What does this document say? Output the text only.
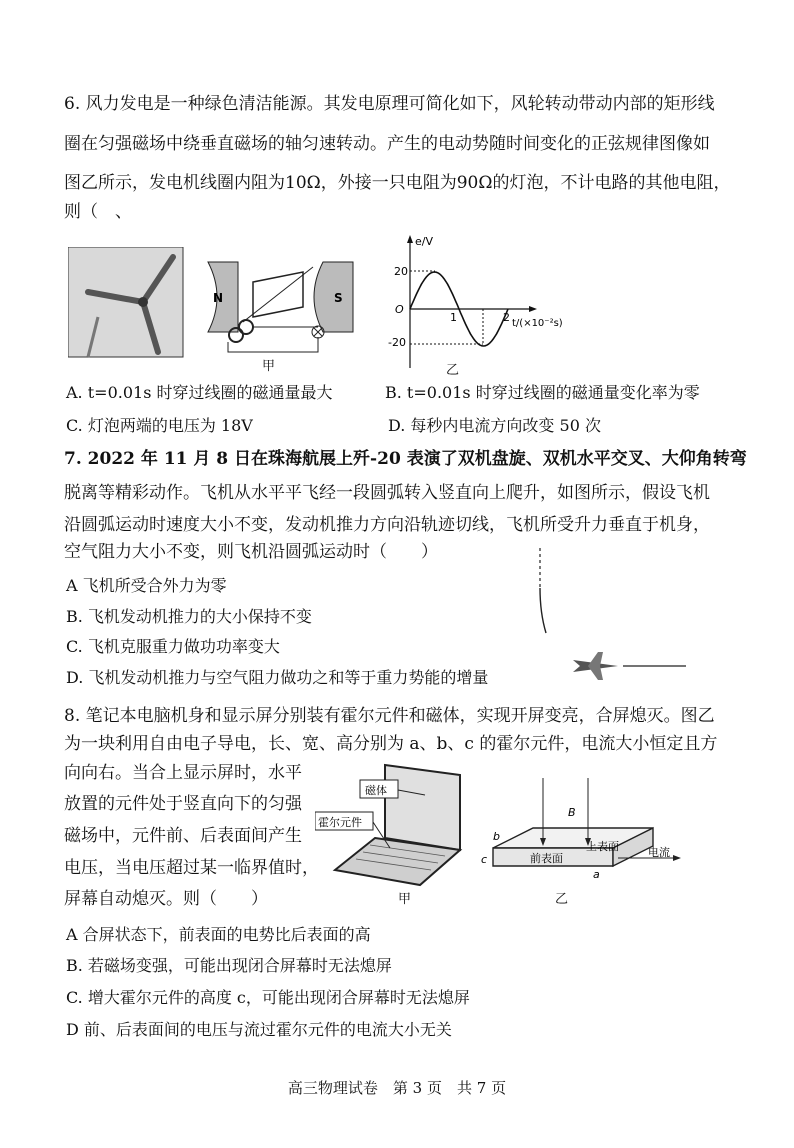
6. 风力发电是一种绿色清洁能源。其发电原理可简化如下，风轮转动带动内部的矩形线
圈在匀强磁场中绕垂直磁场的轴匀速转动。产生的电动势随时间变化的正弦规律图像如
图乙所示，发电机线圈内阻为10Ω，外接一只电阻为90Ω的灯泡，不计电路的其他电阻，
则（　、
N	S
甲
e/V
t/(×10⁻²s)
O
20
-20
1	2
乙
A. t=0.01s 时穿过线圈的磁通量最大	B. t=0.01s 时穿过线圈的磁通量变化率为零
C. 灯泡两端的电压为 18V	D. 每秒内电流方向改变 50 次
7. 2022 年 11 月 8 日在珠海航展上歼-20 表演了双机盘旋、双机水平交叉、大仰角转弯
脱离等精彩动作。飞机从水平平飞经一段圆弧转入竖直向上爬升，如图所示，假设飞机
沿圆弧运动时速度大小不变，发动机推力方向沿轨迹切线，飞机所受升力垂直于机身，
空气阻力大小不变，则飞机沿圆弧运动时（　　）
A 飞机所受合外力为零
B. 飞机发动机推力的大小保持不变
C. 飞机克服重力做功功率变大
D. 飞机发动机推力与空气阻力做功之和等于重力势能的增量
8. 笔记本电脑机身和显示屏分别装有霍尔元件和磁体，实现开屏变亮，合屏熄灭。图乙
为一块利用自由电子导电，长、宽、高分别为 a、b、c 的霍尔元件，电流大小恒定且方
向向右。当合上显示屏时，水平
放置的元件处于竖直向下的匀强
磁场中，元件前、后表面间产生
电压，当电压超过某一临界值时，
屏幕自动熄灭。则（　　）
磁体
霍尔元件
甲
B
上表面
前表面	电流
a
b
c
乙
A 合屏状态下，前表面的电势比后表面的高
B. 若磁场变强，可能出现闭合屏幕时无法熄屏
C. 增大霍尔元件的高度 c，可能出现闭合屏幕时无法熄屏
D 前、后表面间的电压与流过霍尔元件的电流大小无关
高三物理试卷　第 3 页　共 7 页
